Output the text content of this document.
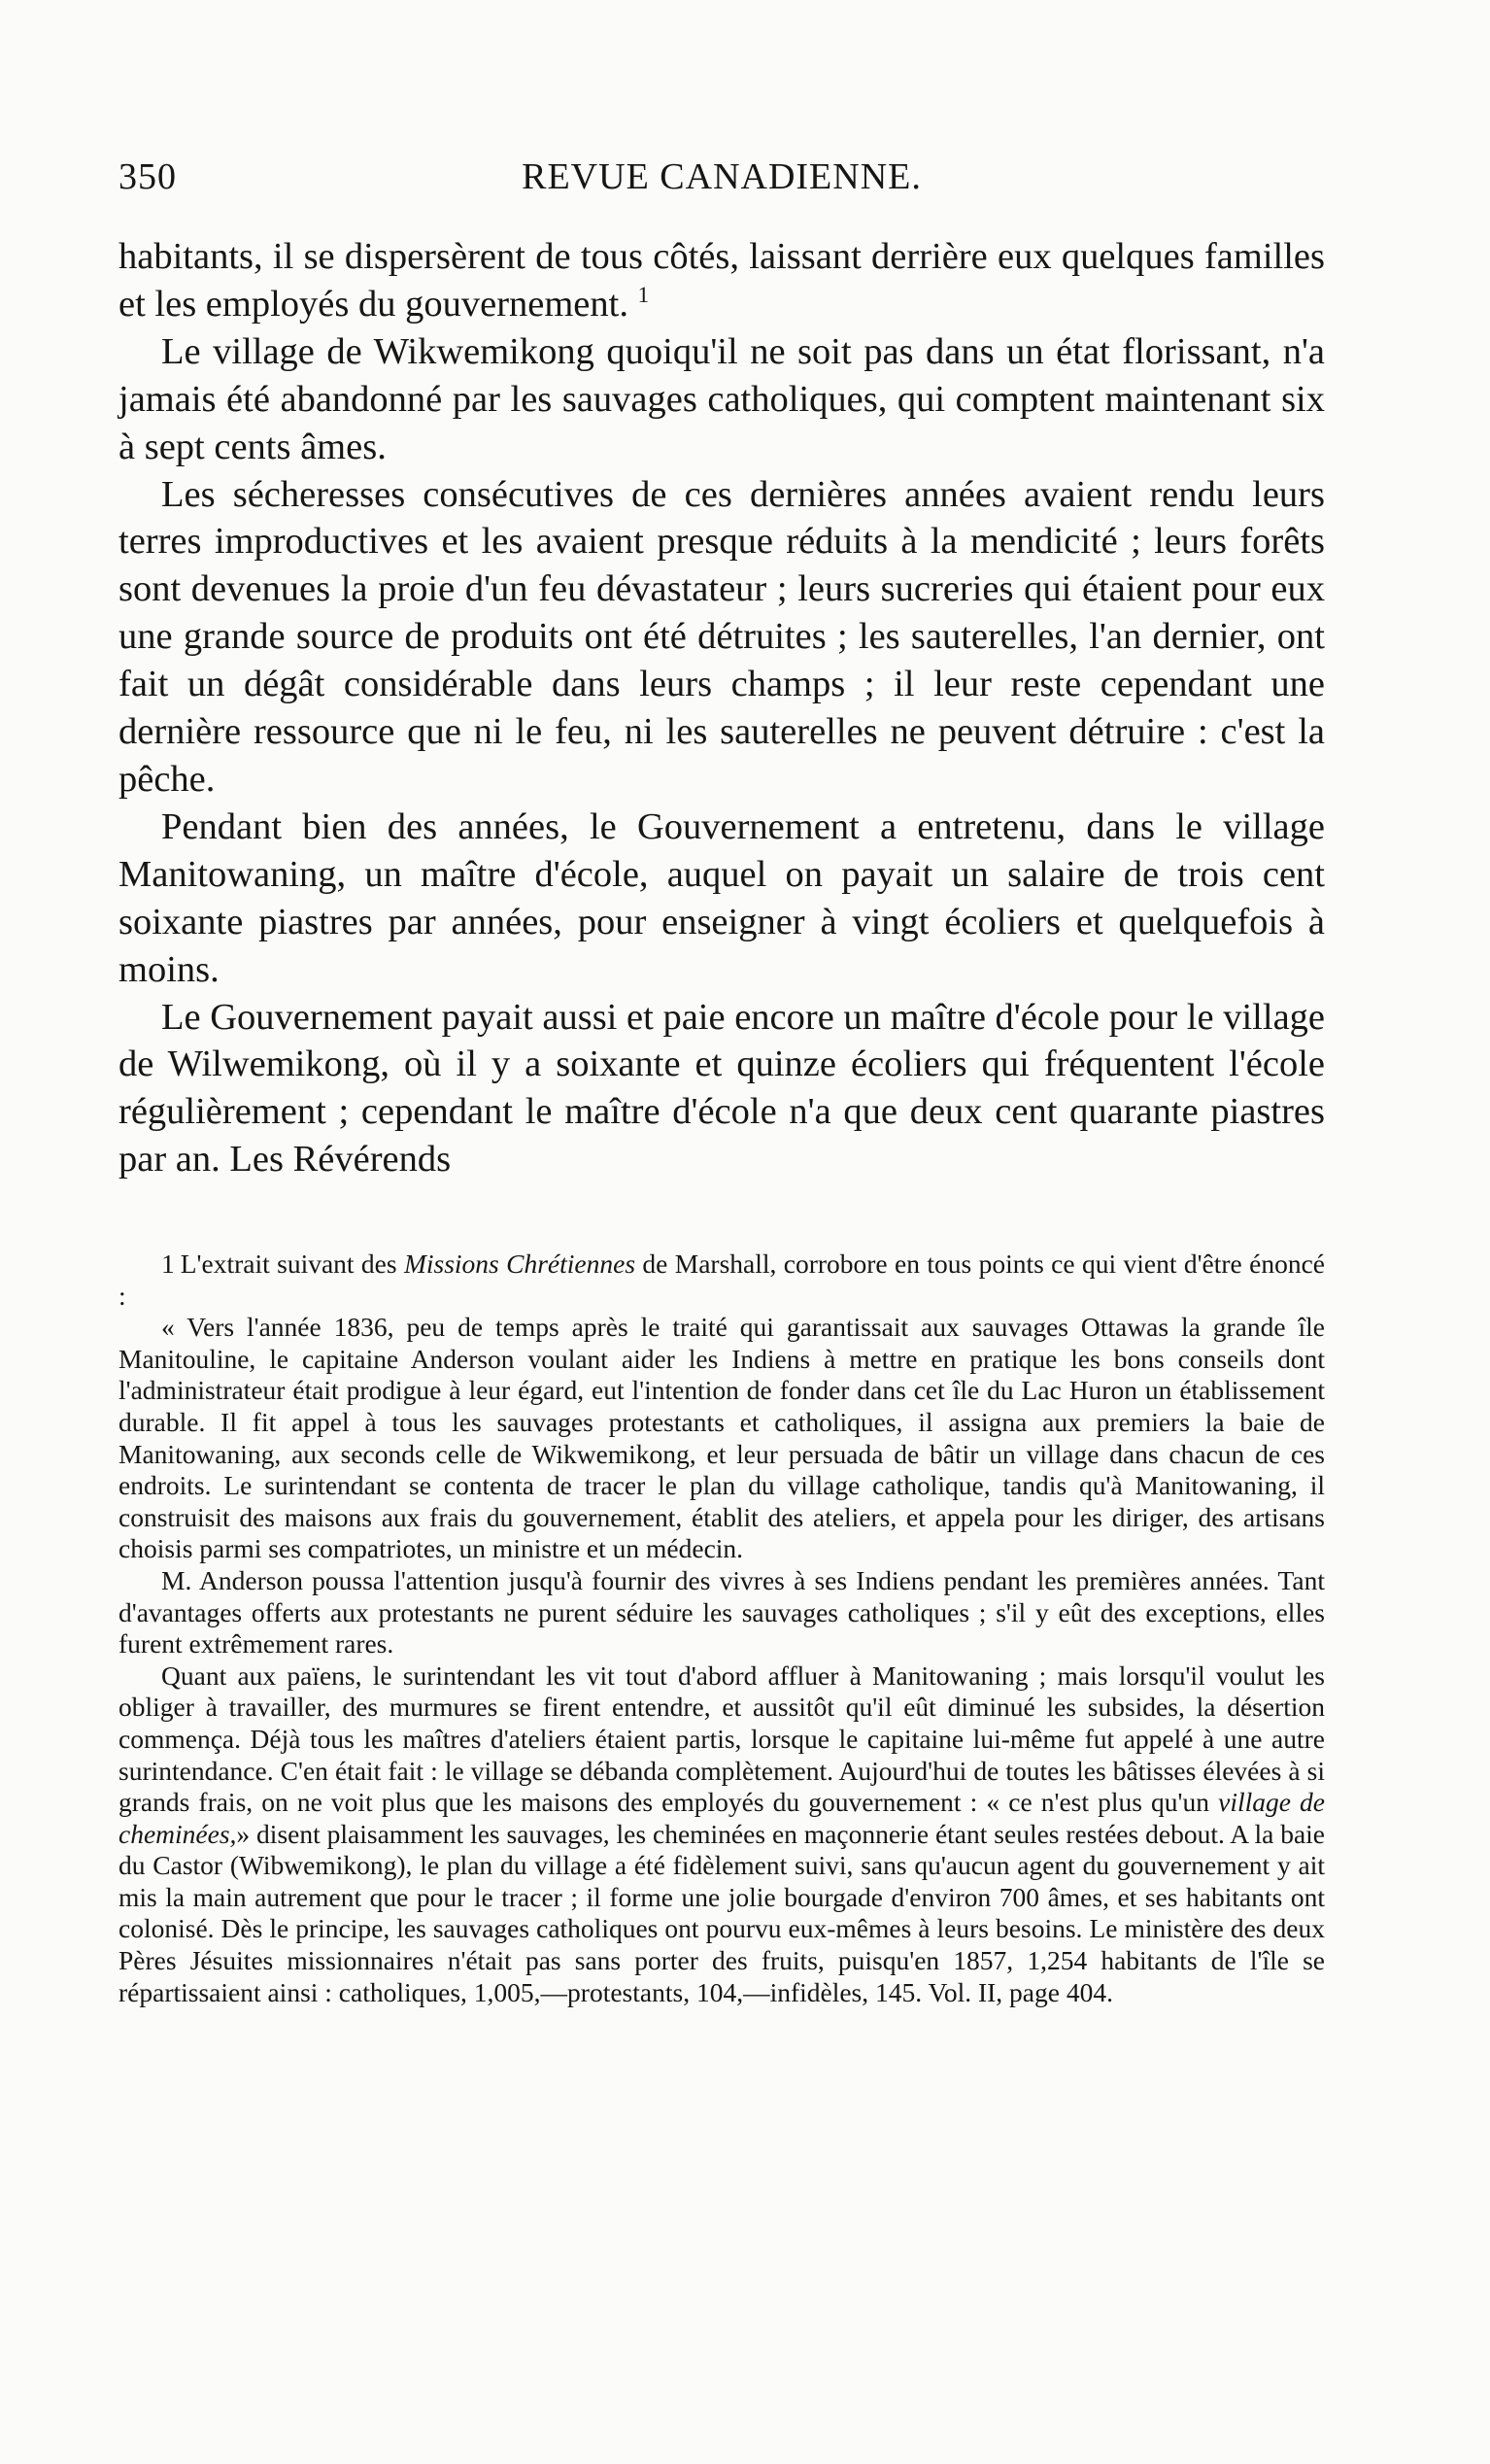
350	REVUE CANADIENNE.

habitants, il se dispersèrent de tous côtés, laissant derrière eux quelques familles et les employés du gouvernement. $^1$

Le village de Wikwemikong quoiqu'il ne soit pas dans un état florissant, n'a jamais été abandonné par les sauvages catholiques, qui comptent maintenant six à sept cents âmes.

Les sécheresses consécutives de ces dernières années avaient rendu leurs terres improductives et les avaient presque réduits à la mendicité ; leurs forêts sont devenues la proie d'un feu dévastateur ; leurs sucreries qui étaient pour eux une grande source de produits ont été détruites ; les sauterelles, l'an dernier, ont fait un dégât considérable dans leurs champs ; il leur reste cependant une dernière ressource que ni le feu, ni les sauterelles ne peuvent détruire : c'est la pêche.

Pendant bien des années, le Gouvernement a entretenu, dans le village Manitowaning, un maître d'école, auquel on payait un salaire de trois cent soixante piastres par années, pour enseigner à vingt écoliers et quelquefois à moins.

Le Gouvernement payait aussi et paie encore un maître d'école pour le village de Wilwemikong, où il y a soixante et quinze écoliers qui fréquentent l'école régulièrement ; cependant le maître d'école n'a que deux cent quarante piastres par an. Les Révérends

1 L'extrait suivant des Missions Chrétiennes de Marshall, corrobore en tous points ce qui vient d'être énoncé :

« Vers l'année 1836, peu de temps après le traité qui garantissait aux sauvages Ottawas la grande île Manitouline, le capitaine Anderson voulant aider les Indiens à mettre en pratique les bons conseils dont l'administrateur était prodigue à leur égard, eut l'intention de fonder dans cet île du Lac Huron un établissement durable. Il fit appel à tous les sauvages protestants et catholiques, il assigna aux premiers la baie de Manitowaning, aux seconds celle de Wikwemikong, et leur persuada de bâtir un village dans chacun de ces endroits. Le surintendant se contenta de tracer le plan du village catholique, tandis qu'à Manitowaning, il construisit des maisons aux frais du gouvernement, établit des ateliers, et appela pour les diriger, des artisans choisis parmi ses compatriotes, un ministre et un médecin.

M. Anderson poussa l'attention jusqu'à fournir des vivres à ses Indiens pendant les premières années. Tant d'avantages offerts aux protestants ne purent séduire les sauvages catholiques ; s'il y eût des exceptions, elles furent extrêmement rares.

Quant aux païens, le surintendant les vit tout d'abord affluer à Manitowaning ; mais lorsqu'il voulut les obliger à travailler, des murmures se firent entendre, et aussitôt qu'il eût diminué les subsides, la désertion commença. Déjà tous les maîtres d'ateliers étaient partis, lorsque le capitaine lui-même fut appelé à une autre surintendance. C'en était fait : le village se débanda complètement. Aujourd'hui de toutes les bâtisses élevées à si grands frais, on ne voit plus que les maisons des employés du gouvernement : « ce n'est plus qu'un village de cheminées,» disent plaisamment les sauvages, les cheminées en maçonnerie étant seules restées debout. A la baie du Castor (Wibwemikong), le plan du village a été fidèlement suivi, sans qu'aucun agent du gouvernement y ait mis la main autrement que pour le tracer ; il forme une jolie bourgade d'environ 700 âmes, et ses habitants ont colonisé. Dès le principe, les sauvages catholiques ont pourvu eux-mêmes à leurs besoins. Le ministère des deux Pères Jésuites missionnaires n'était pas sans porter des fruits, puisqu'en 1857, 1,254 habitants de l'île se répartissaient ainsi : catholiques, 1,005,—protestants, 104,—infidèles, 145. Vol. II, page 404.
